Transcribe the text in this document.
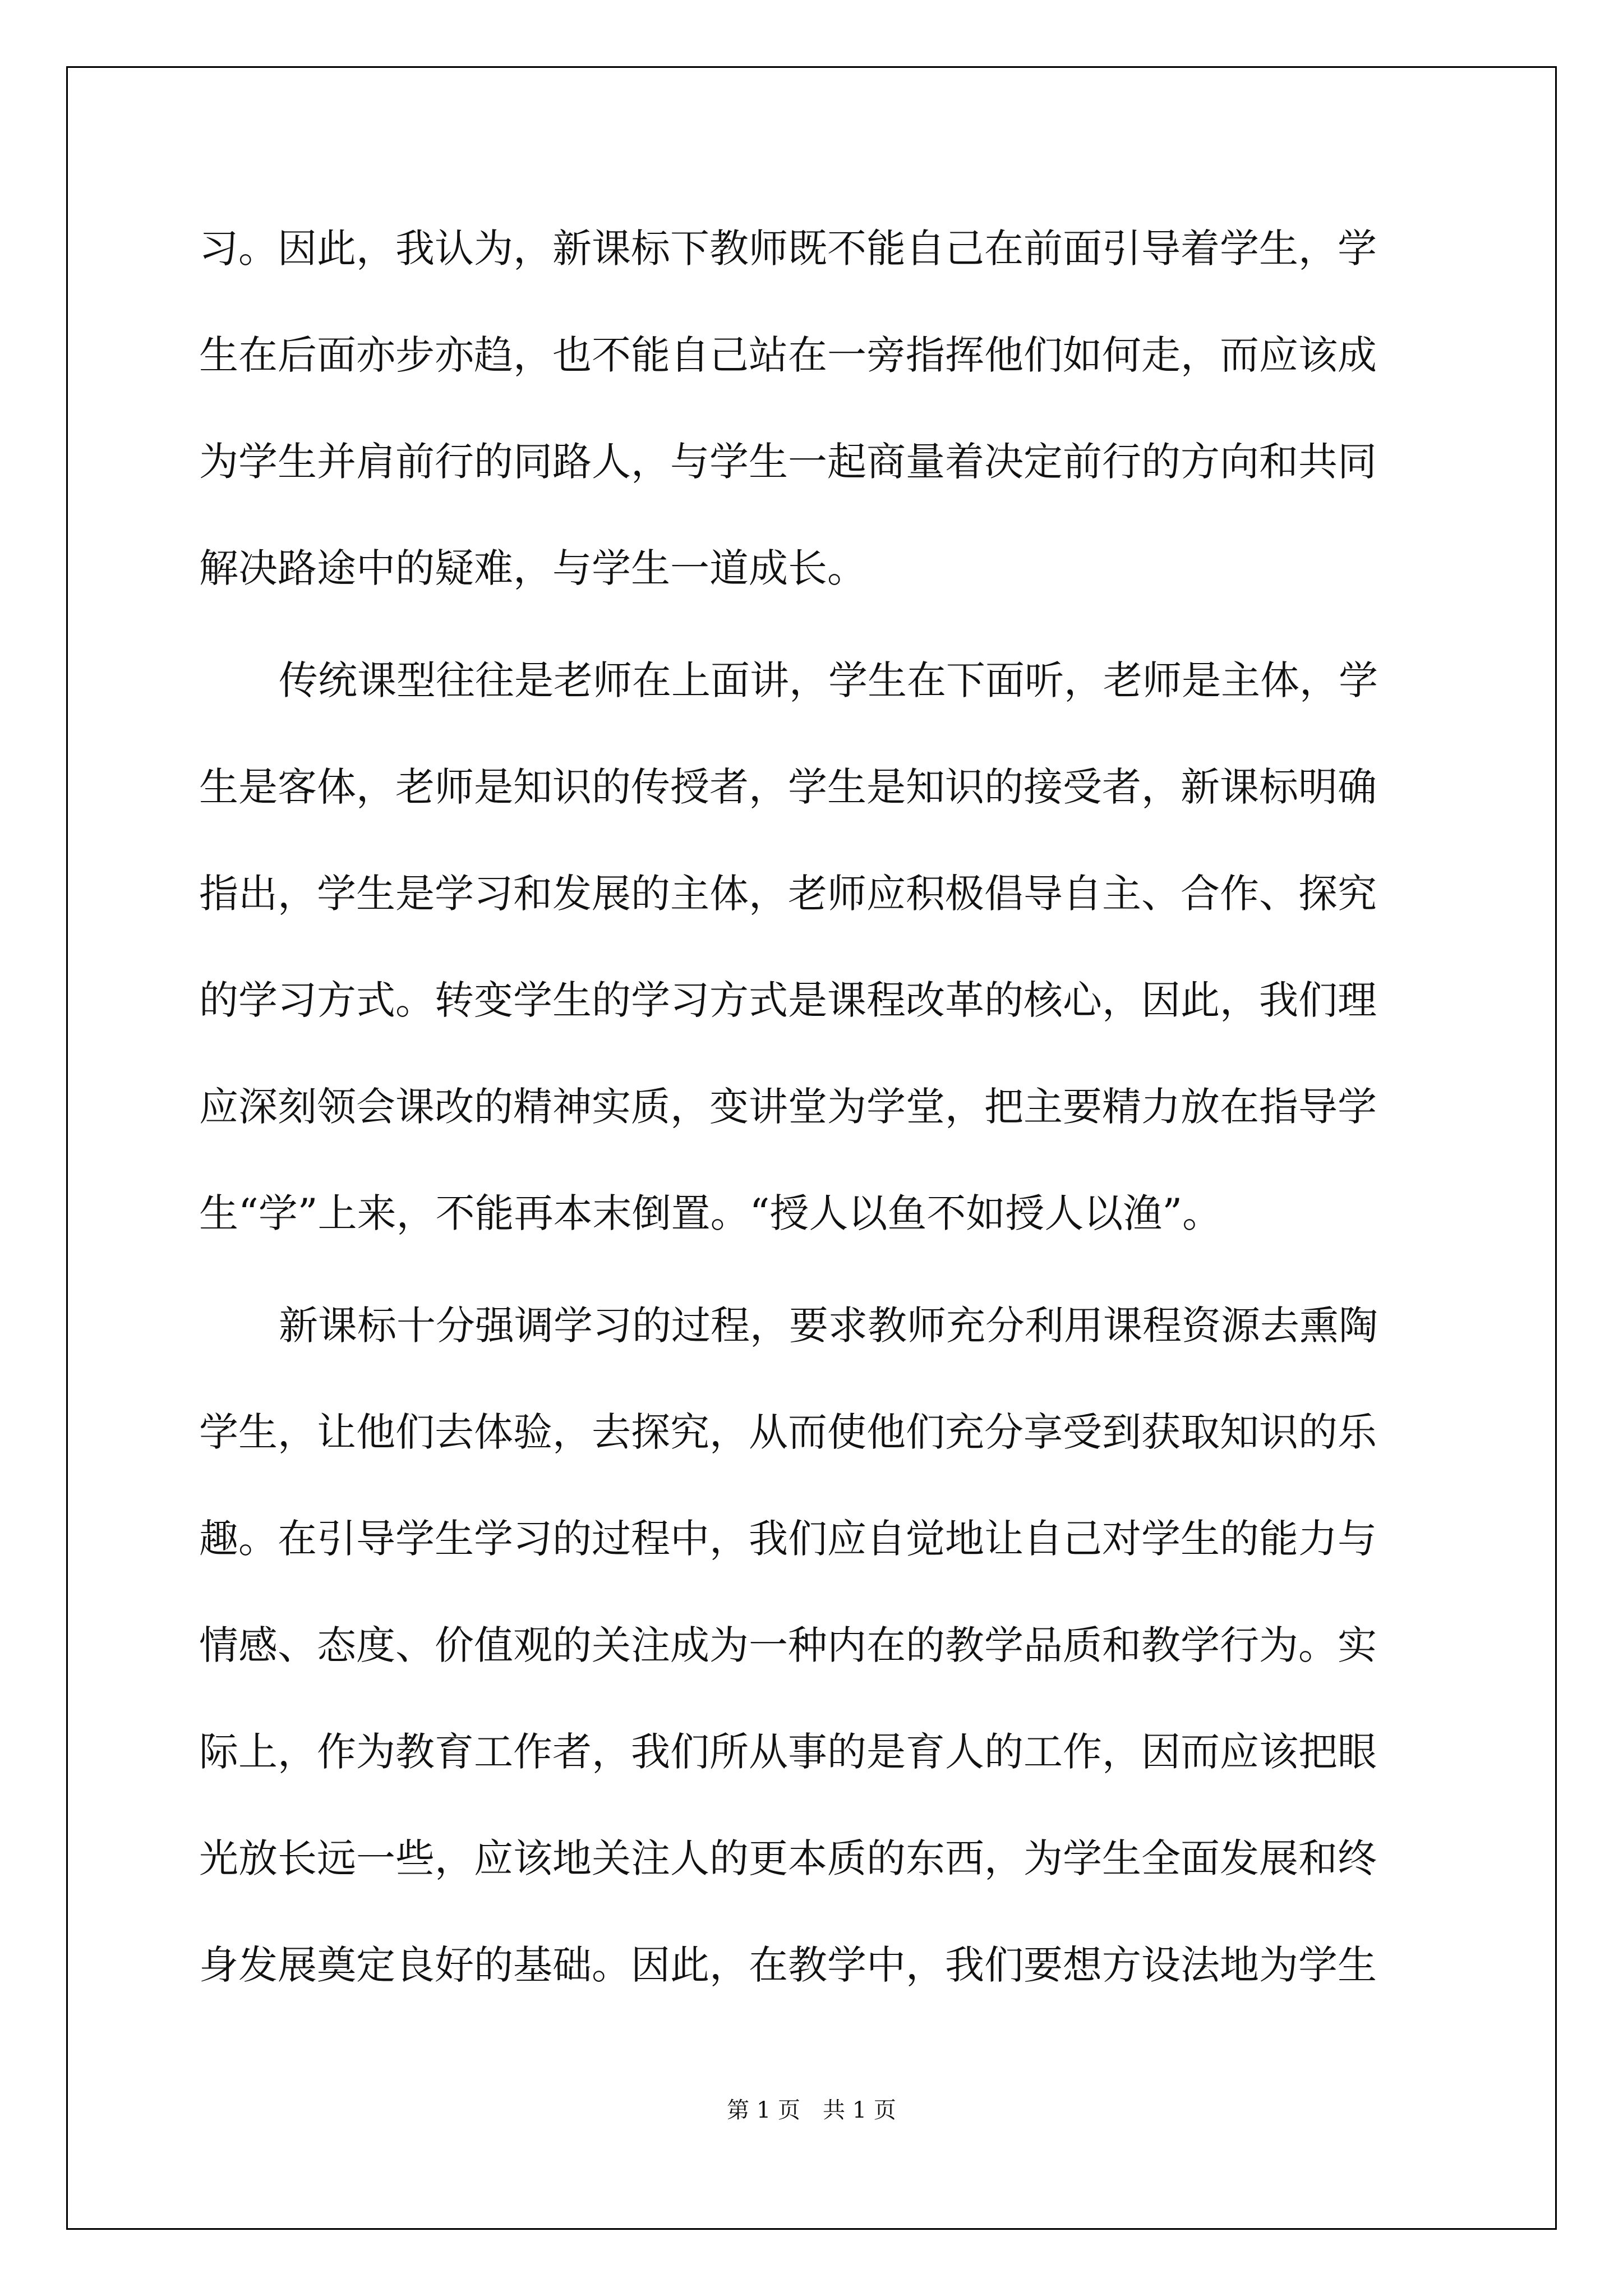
习。因此，我认为，新课标下教师既不能自己在前面引导着学生，学
生在后面亦步亦趋，也不能自己站在一旁指挥他们如何走，而应该成
为学生并肩前行的同路人，与学生一起商量着决定前行的方向和共同
解决路途中的疑难，与学生一道成长。
传统课型往往是老师在上面讲，学生在下面听，老师是主体，学
生是客体，老师是知识的传授者，学生是知识的接受者，新课标明确
指出，学生是学习和发展的主体，老师应积极倡导自主、合作、探究
的学习方式。转变学生的学习方式是课程改革的核心，因此，我们理
应深刻领会课改的精神实质，变讲堂为学堂，把主要精力放在指导学
生“学”上来，不能再本末倒置。“授人以鱼不如授人以渔”。
新课标十分强调学习的过程，要求教师充分利用课程资源去熏陶
学生，让他们去体验，去探究，从而使他们充分享受到获取知识的乐
趣。在引导学生学习的过程中，我们应自觉地让自己对学生的能力与
情感、态度、价值观的关注成为一种内在的教学品质和教学行为。实
际上，作为教育工作者，我们所从事的是育人的工作，因而应该把眼
光放长远一些，应该地关注人的更本质的东西，为学生全面发展和终
身发展奠定良好的基础。因此，在教学中，我们要想方设法地为学生
第 1 页 共 1 页
